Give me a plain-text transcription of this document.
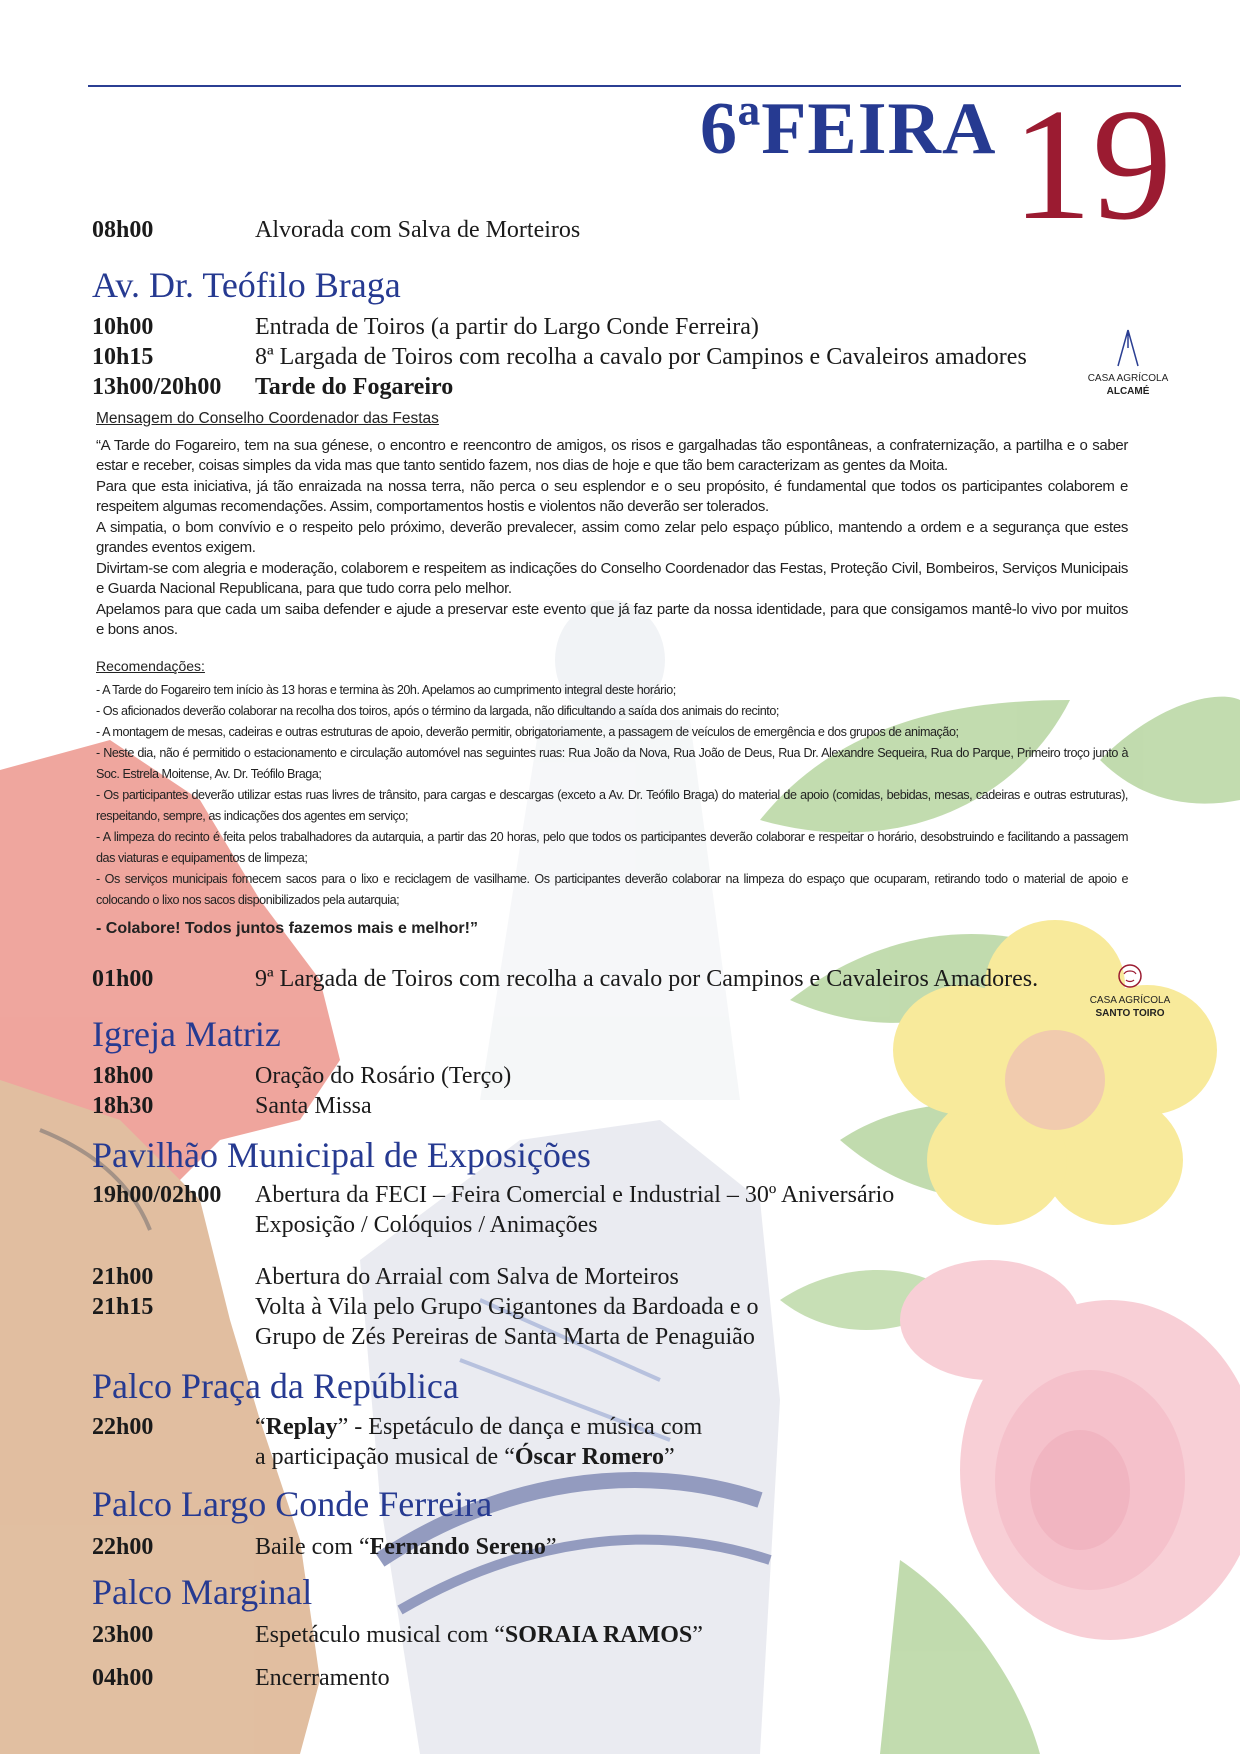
6ªFEIRA 19
08h00	Alvorada com Salva de Morteiros
Av. Dr. Teófilo Braga
10h00	Entrada de Toiros (a partir do Largo Conde Ferreira)
10h15	8ª Largada de Toiros com recolha a cavalo por Campinos e Cavaleiros amadores
13h00/20h00	Tarde do Fogareiro	CASA AGRÍCOLA
ALCAMÉ
Mensagem do Conselho Coordenador das Festas
“A Tarde do Fogareiro, tem na sua génese, o encontro e reencontro de amigos, os risos e gargalhadas tão espontâneas, a confraternização, a partilha e o saber estar e receber, coisas simples da vida mas que tanto sentido fazem, nos dias de hoje e que tão bem caracterizam as gentes da Moita.
Para que esta iniciativa, já tão enraizada na nossa terra, não perca o seu esplendor e o seu propósito, é fundamental que todos os participantes colaborem e respeitem algumas recomendações. Assim, comportamentos hostis e violentos não deverão ser tolerados.
A simpatia, o bom convívio e o respeito pelo próximo, deverão prevalecer, assim como zelar pelo espaço público, mantendo a ordem e a segurança que estes grandes eventos exigem.
Divirtam-se com alegria e moderação, colaborem e respeitem as indicações do Conselho Coordenador das Festas, Proteção Civil, Bombeiros, Serviços Municipais e Guarda Nacional Republicana, para que tudo corra pelo melhor.
Apelamos para que cada um saiba defender e ajude a preservar este evento que já faz parte da nossa identidade, para que consigamos mantê-lo vivo por muitos e bons anos.
Recomendações:
- A Tarde do Fogareiro tem início às 13 horas e termina às 20h. Apelamos ao cumprimento integral deste horário;
- Os aficionados deverão colaborar na recolha dos toiros, após o término da largada, não dificultando a saída dos animais do recinto;
- A montagem de mesas, cadeiras e outras estruturas de apoio, deverão permitir, obrigatoriamente, a passagem de veículos de emergência e dos grupos de animação;
- Neste dia, não é permitido o estacionamento e circulação automóvel nas seguintes ruas: Rua João da Nova, Rua João de Deus, Rua Dr. Alexandre Sequeira, Rua do Parque, Primeiro troço junto à Soc. Estrela Moitense, Av. Dr. Teófilo Braga;
- Os participantes deverão utilizar estas ruas livres de trânsito, para cargas e descargas (exceto a Av. Dr. Teófilo Braga) do material de apoio (comidas, bebidas, mesas, cadeiras e outras estruturas), respeitando, sempre, as indicações dos agentes em serviço;
- A limpeza do recinto é feita pelos trabalhadores da autarquia, a partir das 20 horas, pelo que todos os participantes deverão colaborar e respeitar o horário, desobstruindo e facilitando a passagem das viaturas e equipamentos de limpeza;
- Os serviços municipais fornecem sacos para o lixo e reciclagem de vasilhame. Os participantes deverão colaborar na limpeza do espaço que ocuparam, retirando todo o material de apoio e colocando o lixo nos sacos disponibilizados pela autarquia;
- Colabore! Todos juntos fazemos mais e melhor!”
01h00	9ª Largada de Toiros com recolha a cavalo por Campinos e Cavaleiros Amadores.
CASA AGRÍCOLA
SANTO TOIRO
Igreja Matriz
18h00	Oração do Rosário (Terço)
18h30	Santa Missa
Pavilhão Municipal de Exposições
19h00/02h00	Abertura da FECI – Feira Comercial e Industrial – 30º Aniversário
Exposição / Colóquios / Animações
21h00	Abertura do Arraial com Salva de Morteiros
21h15	Volta à Vila pelo Grupo Gigantones da Bardoada e o
Grupo de Zés Pereiras de Santa Marta de Penaguião
Palco Praça da República
22h00	“Replay” - Espetáculo de dança e música com
a participação musical de “Óscar Romero”
Palco Largo Conde Ferreira
22h00	Baile com “Fernando Sereno”
Palco Marginal
23h00	Espetáculo musical com “SORAIA RAMOS”
04h00	Encerramento
